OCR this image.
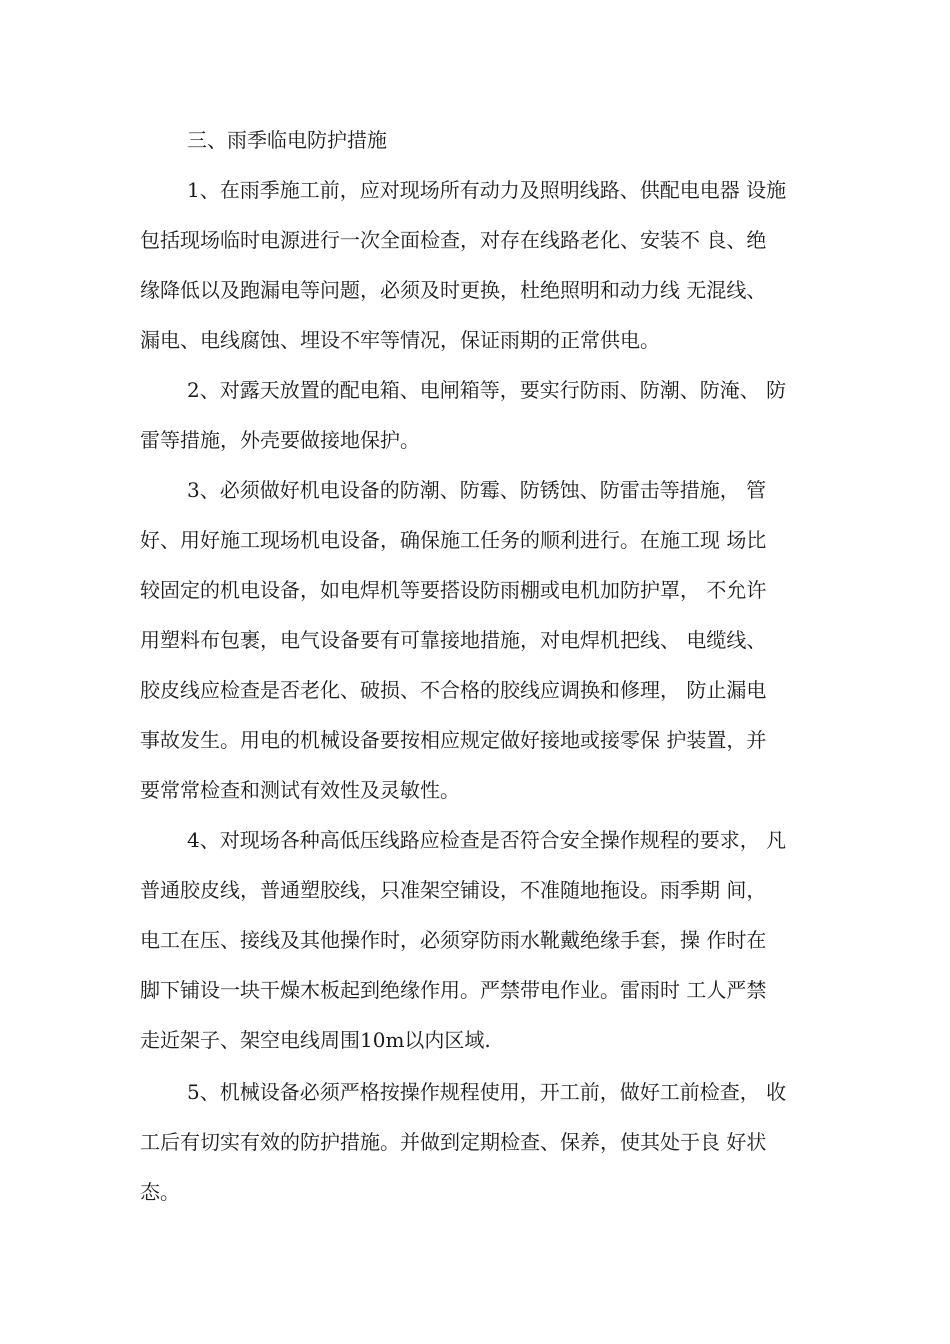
三、雨季临电防护措施
1、在雨季施工前，应对现场所有动力及照明线路、供配电电器 设施
包括现场临时电源进行一次全面检查，对存在线路老化、安装不 良、绝
缘降低以及跑漏电等问题，必须及时更换，杜绝照明和动力线 无混线、
漏电、电线腐蚀、埋设不牢等情况，保证雨期的正常供电。
2、对露天放置的配电箱、电闸箱等，要实行防雨、防潮、防淹、 防
雷等措施，外壳要做接地保护。
3、必须做好机电设备的防潮、防霉、防锈蚀、防雷击等措施， 管
好、用好施工现场机电设备，确保施工任务的顺利进行。在施工现 场比
较固定的机电设备，如电焊机等要搭设防雨棚或电机加防护罩， 不允许
用塑料布包裹，电气设备要有可靠接地措施，对电焊机把线、 电缆线、
胶皮线应检查是否老化、破损、不合格的胶线应调换和修理， 防止漏电
事故发生。用电的机械设备要按相应规定做好接地或接零保 护装置，并
要常常检查和测试有效性及灵敏性。
4、对现场各种高低压线路应检查是否符合安全操作规程的要求， 凡
普通胶皮线，普通塑胶线，只准架空铺设，不准随地拖设。雨季期 间，
电工在压、接线及其他操作时，必须穿防雨水靴戴绝缘手套，操 作时在
脚下铺设一块干燥木板起到绝缘作用。严禁带电作业。雷雨时 工人严禁
走近架子、架空电线周围10m以内区域.
5、机械设备必须严格按操作规程使用，开工前，做好工前检查， 收
工后有切实有效的防护措施。并做到定期检查、保养，使其处于良 好状
态。
